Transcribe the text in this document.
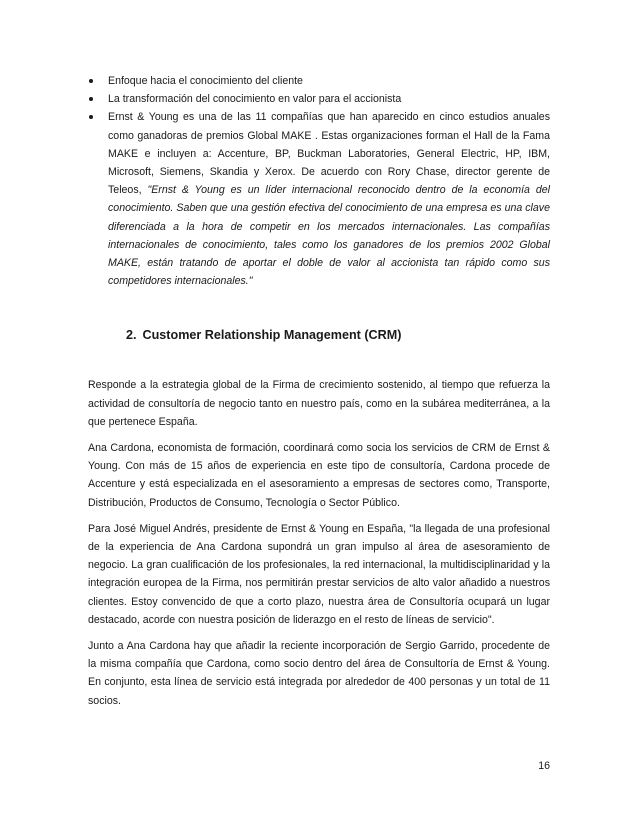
Enfoque hacia el conocimiento del cliente
La transformación del conocimiento en valor para el accionista
Ernst & Young es una de las 11 compañías que han aparecido en cinco estudios anuales como ganadoras de premios Global MAKE . Estas organizaciones forman el Hall de la Fama MAKE e incluyen a: Accenture, BP, Buckman Laboratories, General Electric, HP, IBM, Microsoft, Siemens, Skandia y Xerox. De acuerdo con Rory Chase, director gerente de Teleos, "Ernst & Young es un líder internacional reconocido dentro de la economía del conocimiento. Saben que una gestión efectiva del conocimiento de una empresa es una clave diferenciada a la hora de competir en los mercados internacionales. Las compañías internacionales de conocimiento, tales como los ganadores de los premios 2002 Global MAKE, están tratando de aportar el doble de valor al accionista tan rápido como sus competidores internacionales."
2. Customer Relationship Management (CRM)

Responde a la estrategia global de la Firma de crecimiento sostenido, al tiempo que refuerza la actividad de consultoría de negocio tanto en nuestro país, como en la subárea mediterránea, a la que pertenece España.

Ana Cardona, economista de formación, coordinará como socia los servicios de CRM de Ernst & Young. Con más de 15 años de experiencia en este tipo de consultoría, Cardona procede de Accenture y está especializada en el asesoramiento a empresas de sectores como, Transporte, Distribución, Productos de Consumo, Tecnología o Sector Público.

Para José Miguel Andrés, presidente de Ernst & Young en España, "la llegada de una profesional de la experiencia de Ana Cardona supondrá un gran impulso al área de asesoramiento de negocio. La gran cualificación de los profesionales, la red internacional, la multidisciplinaridad y la integración europea de la Firma, nos permitirán prestar servicios de alto valor añadido a nuestros clientes. Estoy convencido de que a corto plazo, nuestra área de Consultoría ocupará un lugar destacado, acorde con nuestra posición de liderazgo en el resto de líneas de servicio".

Junto a Ana Cardona hay que añadir la reciente incorporación de Sergio Garrido, procedente de la misma compañía que Cardona, como socio dentro del área de Consultoría de Ernst & Young. En conjunto, esta línea de servicio está integrada por alrededor de 400 personas y un total de 11 socios.

16
